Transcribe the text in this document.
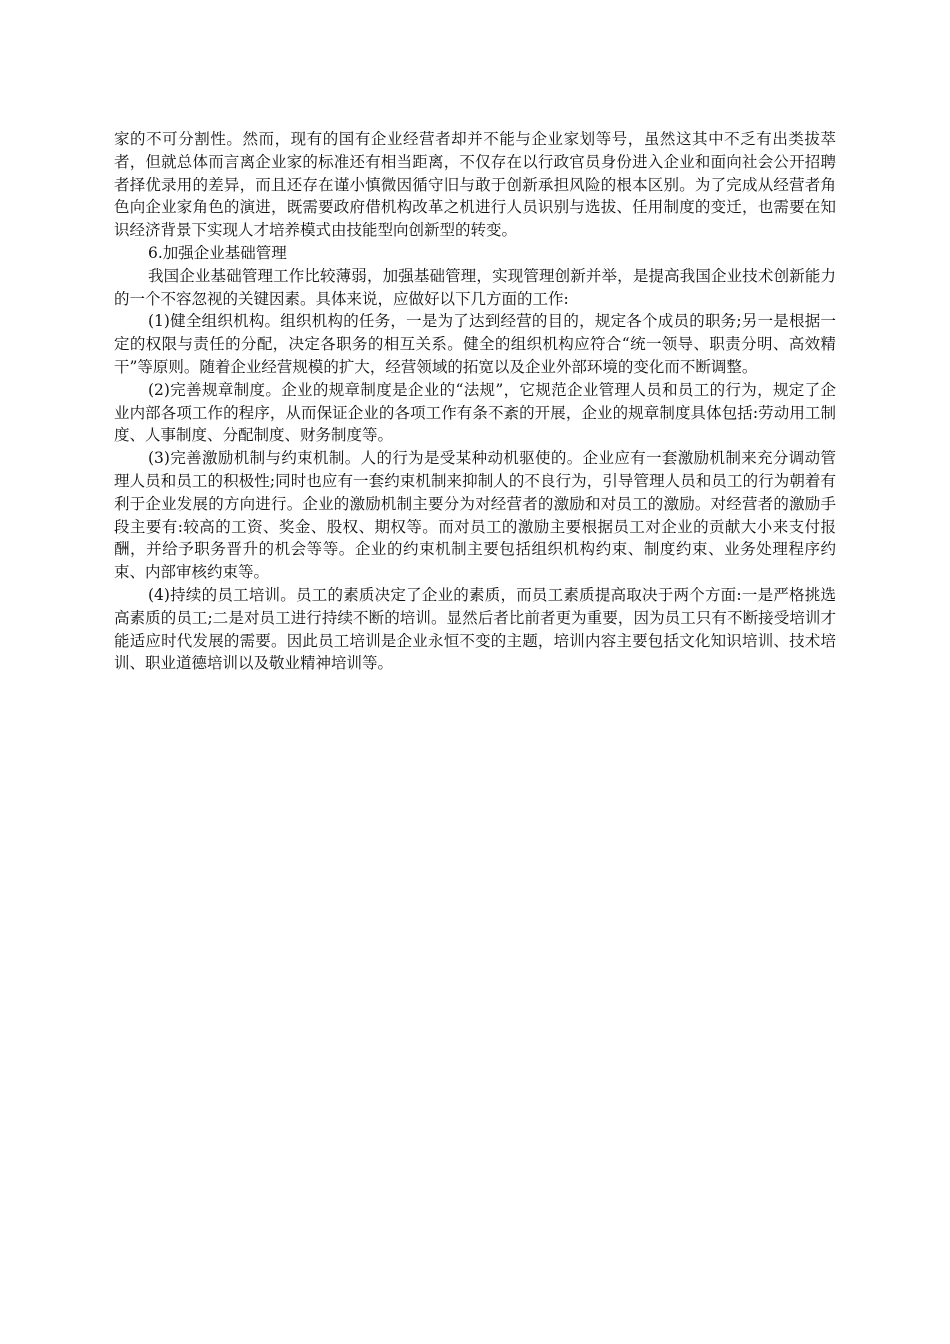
家的不可分割性。然而，现有的国有企业经营者却并不能与企业家划等号，虽然这其中不乏有出类拔萃者，但就总体而言离企业家的标准还有相当距离，不仅存在以行政官员身份进入企业和面向社会公开招聘者择优录用的差异，而且还存在谨小慎微因循守旧与敢于创新承担风险的根本区别。为了完成从经营者角色向企业家角色的演进，既需要政府借机构改革之机进行人员识别与选拔、任用制度的变迁，也需要在知识经济背景下实现人才培养模式由技能型向创新型的转变。

6.加强企业基础管理

我国企业基础管理工作比较薄弱，加强基础管理，实现管理创新并举，是提高我国企业技术创新能力的一个不容忽视的关键因素。具体来说，应做好以下几方面的工作:

(1)健全组织机构。组织机构的任务，一是为了达到经营的目的，规定各个成员的职务;另一是根据一定的权限与责任的分配，决定各职务的相互关系。健全的组织机构应符合“统一领导、职责分明、高效精干”等原则。随着企业经营规模的扩大，经营领域的拓宽以及企业外部环境的变化而不断调整。

(2)完善规章制度。企业的规章制度是企业的“法规”，它规范企业管理人员和员工的行为，规定了企业内部各项工作的程序，从而保证企业的各项工作有条不紊的开展，企业的规章制度具体包括:劳动用工制度、人事制度、分配制度、财务制度等。

(3)完善激励机制与约束机制。人的行为是受某种动机驱使的。企业应有一套激励机制来充分调动管理人员和员工的积极性;同时也应有一套约束机制来抑制人的不良行为，引导管理人员和员工的行为朝着有利于企业发展的方向进行。企业的激励机制主要分为对经营者的激励和对员工的激励。对经营者的激励手段主要有:较高的工资、奖金、股权、期权等。而对员工的激励主要根据员工对企业的贡献大小来支付报酬，并给予职务晋升的机会等等。企业的约束机制主要包括组织机构约束、制度约束、业务处理程序约束、内部审核约束等。

(4)持续的员工培训。员工的素质决定了企业的素质，而员工素质提高取决于两个方面:一是严格挑选高素质的员工;二是对员工进行持续不断的培训。显然后者比前者更为重要，因为员工只有不断接受培训才能适应时代发展的需要。因此员工培训是企业永恒不变的主题，培训内容主要包括文化知识培训、技术培训、职业道德培训以及敬业精神培训等。
